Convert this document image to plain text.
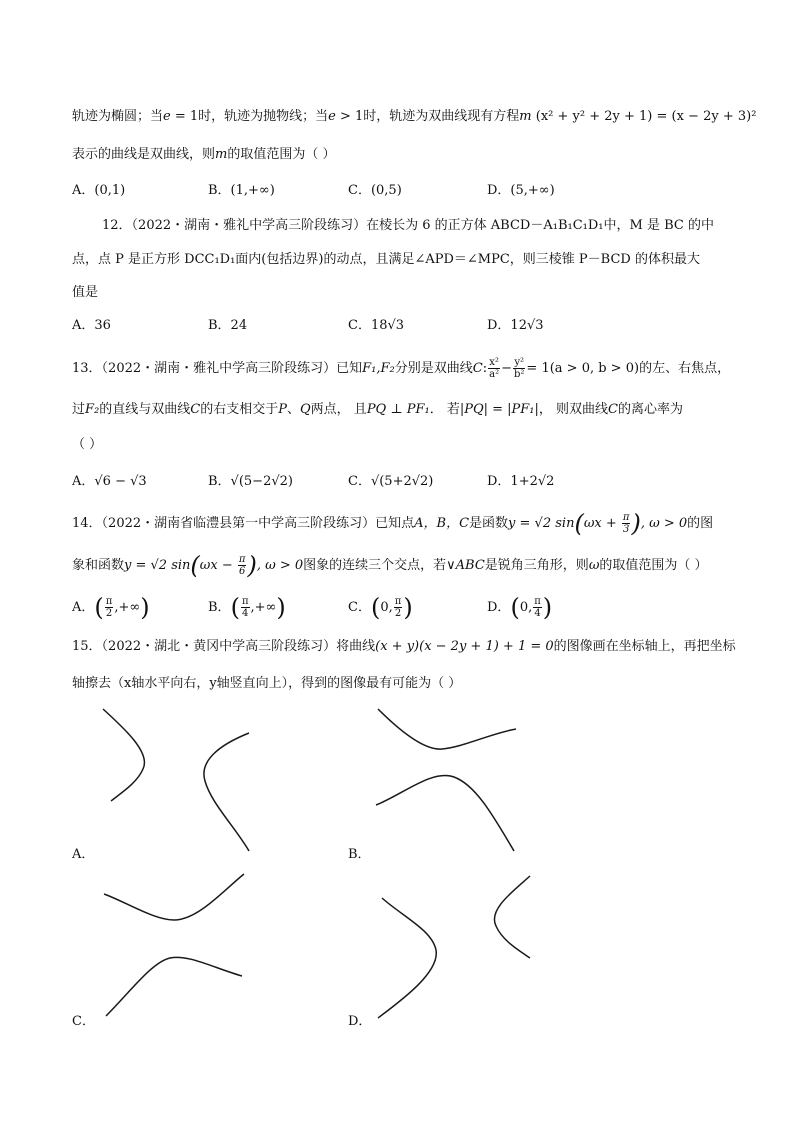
轨迹为椭圆；当e = 1时，轨迹为抛物线；当e > 1时，轨迹为双曲线现有方程m (x² + y² + 2y + 1) = (x − 2y + 3)²
表示的曲线是双曲线，则m的取值范围为（ ）
A．(0,1)	B．(1,+∞)	C．(0,5)	D．(5,+∞)
12．（2022・湖南・雅礼中学高三阶段练习）在棱长为 6 的正方体 ABCD－A₁B₁C₁D₁中，M 是 BC 的中
点，点 P 是正方形 DCC₁D₁面内(包括边界)的动点，且满足∠APD＝∠MPC，则三棱锥 P－BCD 的体积最大
值是
A．36	B．24	C．18√3	D．12√3
13．（2022・湖南・雅礼中学高三阶段练习）已知F₁,F₂分别是双曲线C: $\frac{\text{x²}}{\text{a²}} - \frac{\text{y²}}{\text{b²}} = 1(a > 0$, b > 0)的左、右焦点，
过F₂的直线与双曲线C的右支相交于P、Q两点， 且PQ ⊥ PF₁． 若|PQ| = |PF₁|， 则双曲线C的离心率为
（ ）
A．√6 − √3	B．√(5−2√2)	C．√(5+2√2)	D．1+2√2
14．（2022・湖南省临澧县第一中学高三阶段练习）已知点A，B，C是函数y = √2 $\sin(\omega x + \frac{\pi}{3}$ ), ω > 0的图
象和函数y = √2 $\sin(\omega x - \frac{\pi}{6}$ ), ω > 0图象的连续三个交点，若∨ABC是锐角三角形，则ω的取值范围为（ ）
A．( $\frac{\pi}{2}$ ,+∞)	B．( $\frac{\pi}{4}$ ,+∞)	C．(0, $\frac{\pi}{2}$ )	D．(0, $\frac{\pi}{4}$ )
15．（2022・湖北・黄冈中学高三阶段练习）将曲线(x + y)(x − 2y + 1) + 1 = 0的图像画在坐标轴上，再把坐标
轴擦去（x轴水平向右，y轴竖直向上），得到的图像最有可能为（ ）
A．	B．
C．	D．
